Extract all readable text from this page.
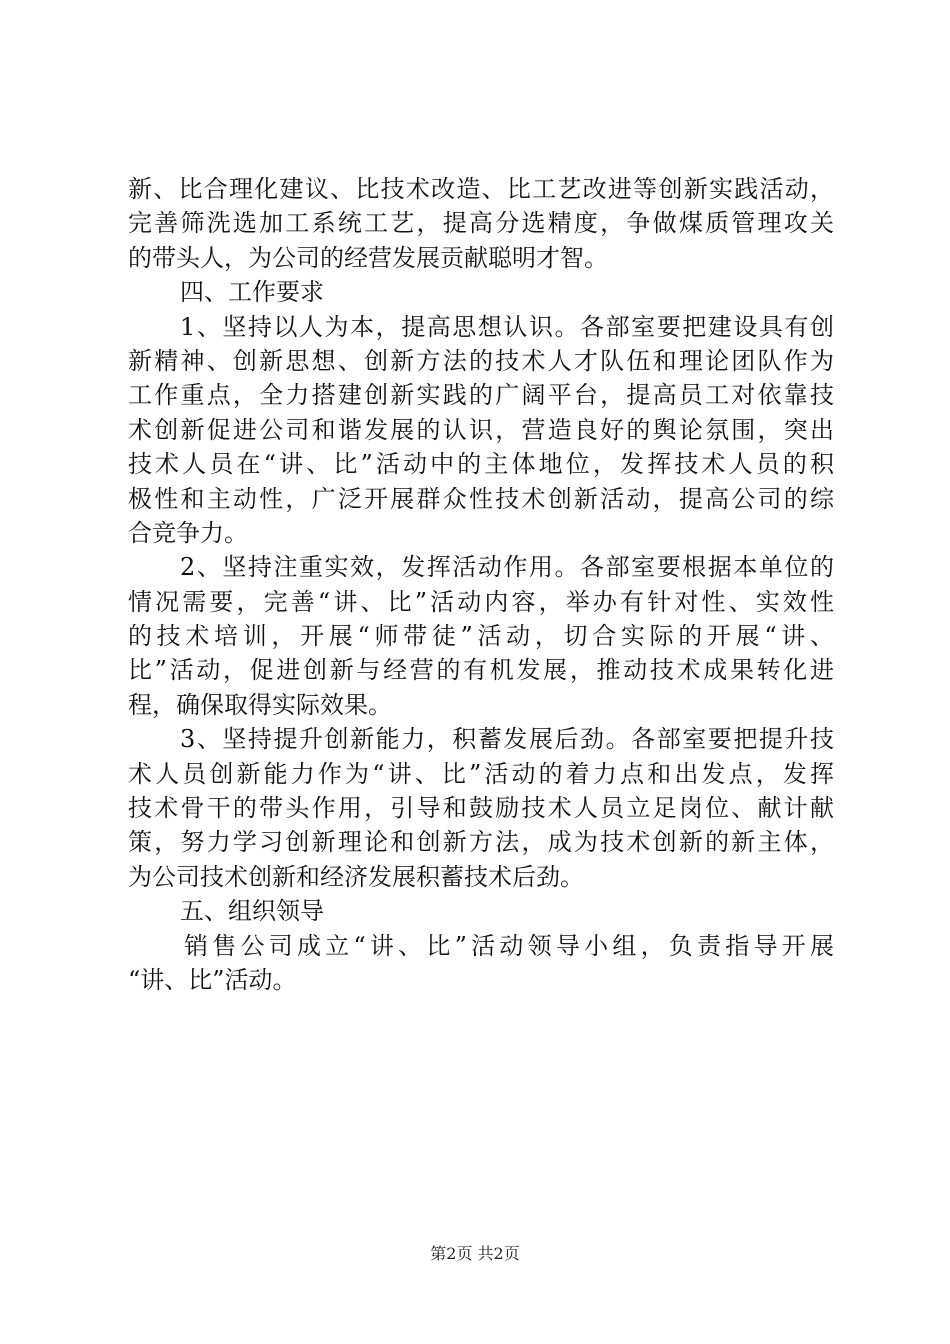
新、比合理化建议、比技术改造、比工艺改进等创新实践活动，
完善筛洗选加工系统工艺，提高分选精度，争做煤质管理攻关
的带头人，为公司的经营发展贡献聪明才智。
四、工作要求
1、坚持以人为本，提高思想认识。各部室要把建设具有创
新精神、创新思想、创新方法的技术人才队伍和理论团队作为
工作重点，全力搭建创新实践的广阔平台，提高员工对依靠技
术创新促进公司和谐发展的认识，营造良好的舆论氛围，突出
技术人员在“讲、比”活动中的主体地位，发挥技术人员的积
极性和主动性，广泛开展群众性技术创新活动，提高公司的综
合竞争力。
2、坚持注重实效，发挥活动作用。各部室要根据本单位的
情况需要，完善“讲、比”活动内容，举办有针对性、实效性
的技术培训，开展“师带徒”活动，切合实际的开展“讲、
比”活动，促进创新与经营的有机发展，推动技术成果转化进
程，确保取得实际效果。
3、坚持提升创新能力，积蓄发展后劲。各部室要把提升技
术人员创新能力作为“讲、比”活动的着力点和出发点，发挥
技术骨干的带头作用，引导和鼓励技术人员立足岗位、献计献
策，努力学习创新理论和创新方法，成为技术创新的新主体，
为公司技术创新和经济发展积蓄技术后劲。
五、组织领导
销售公司成立“讲、比”活动领导小组，负责指导开展
“讲、比”活动。
第2页 共2页
